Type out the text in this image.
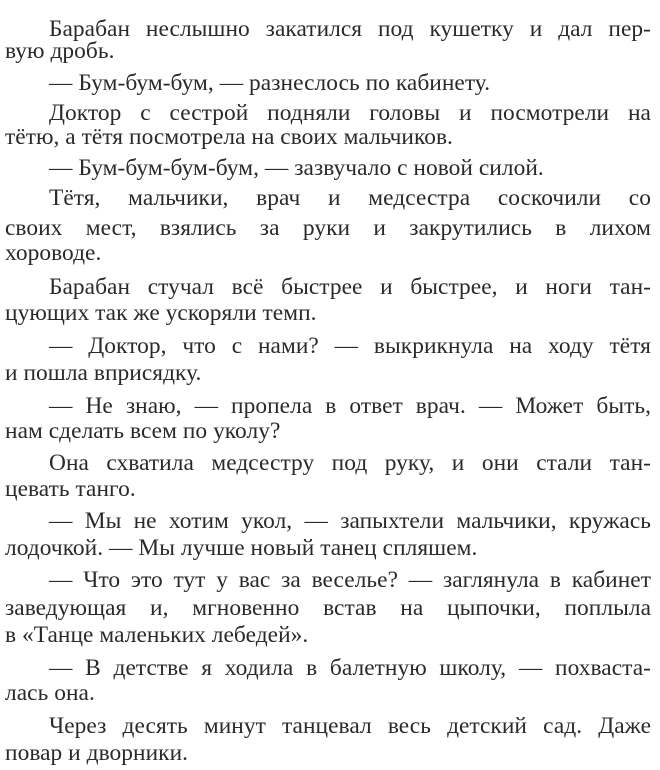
Барабан неслышно закатился под кушетку и дал пер-
вую дробь.
— Бум-бум-бум, — разнеслось по кабинету.
Доктор с сестрой подняли головы и посмотрели на
тётю, а тётя посмотрела на своих мальчиков.
— Бум-бум-бум-бум, — зазвучало с новой силой.
Тётя, мальчики, врач и медсестра соскочили со
своих мест, взялись за руки и закрутились в лихом
хороводе.
Барабан стучал всё быстрее и быстрее, и ноги тан-
цующих так же ускоряли темп.
— Доктор, что с нами? — выкрикнула на ходу тётя
и пошла вприсядку.
— Не знаю, — пропела в ответ врач. — Может быть,
нам сделать всем по уколу?
Она схватила медсестру под руку, и они стали тан-
цевать танго.
— Мы не хотим укол, — запыхтели мальчики, кружась
лодочкой. — Мы лучше новый танец спляшем.
— Что это тут у вас за веселье? — заглянула в кабинет
заведующая и, мгновенно встав на цыпочки, поплыла
в «Танце маленьких лебедей».
— В детстве я ходила в балетную школу, — похваста-
лась она.
Через десять минут танцевал весь детский сад. Даже
повар и дворники.
